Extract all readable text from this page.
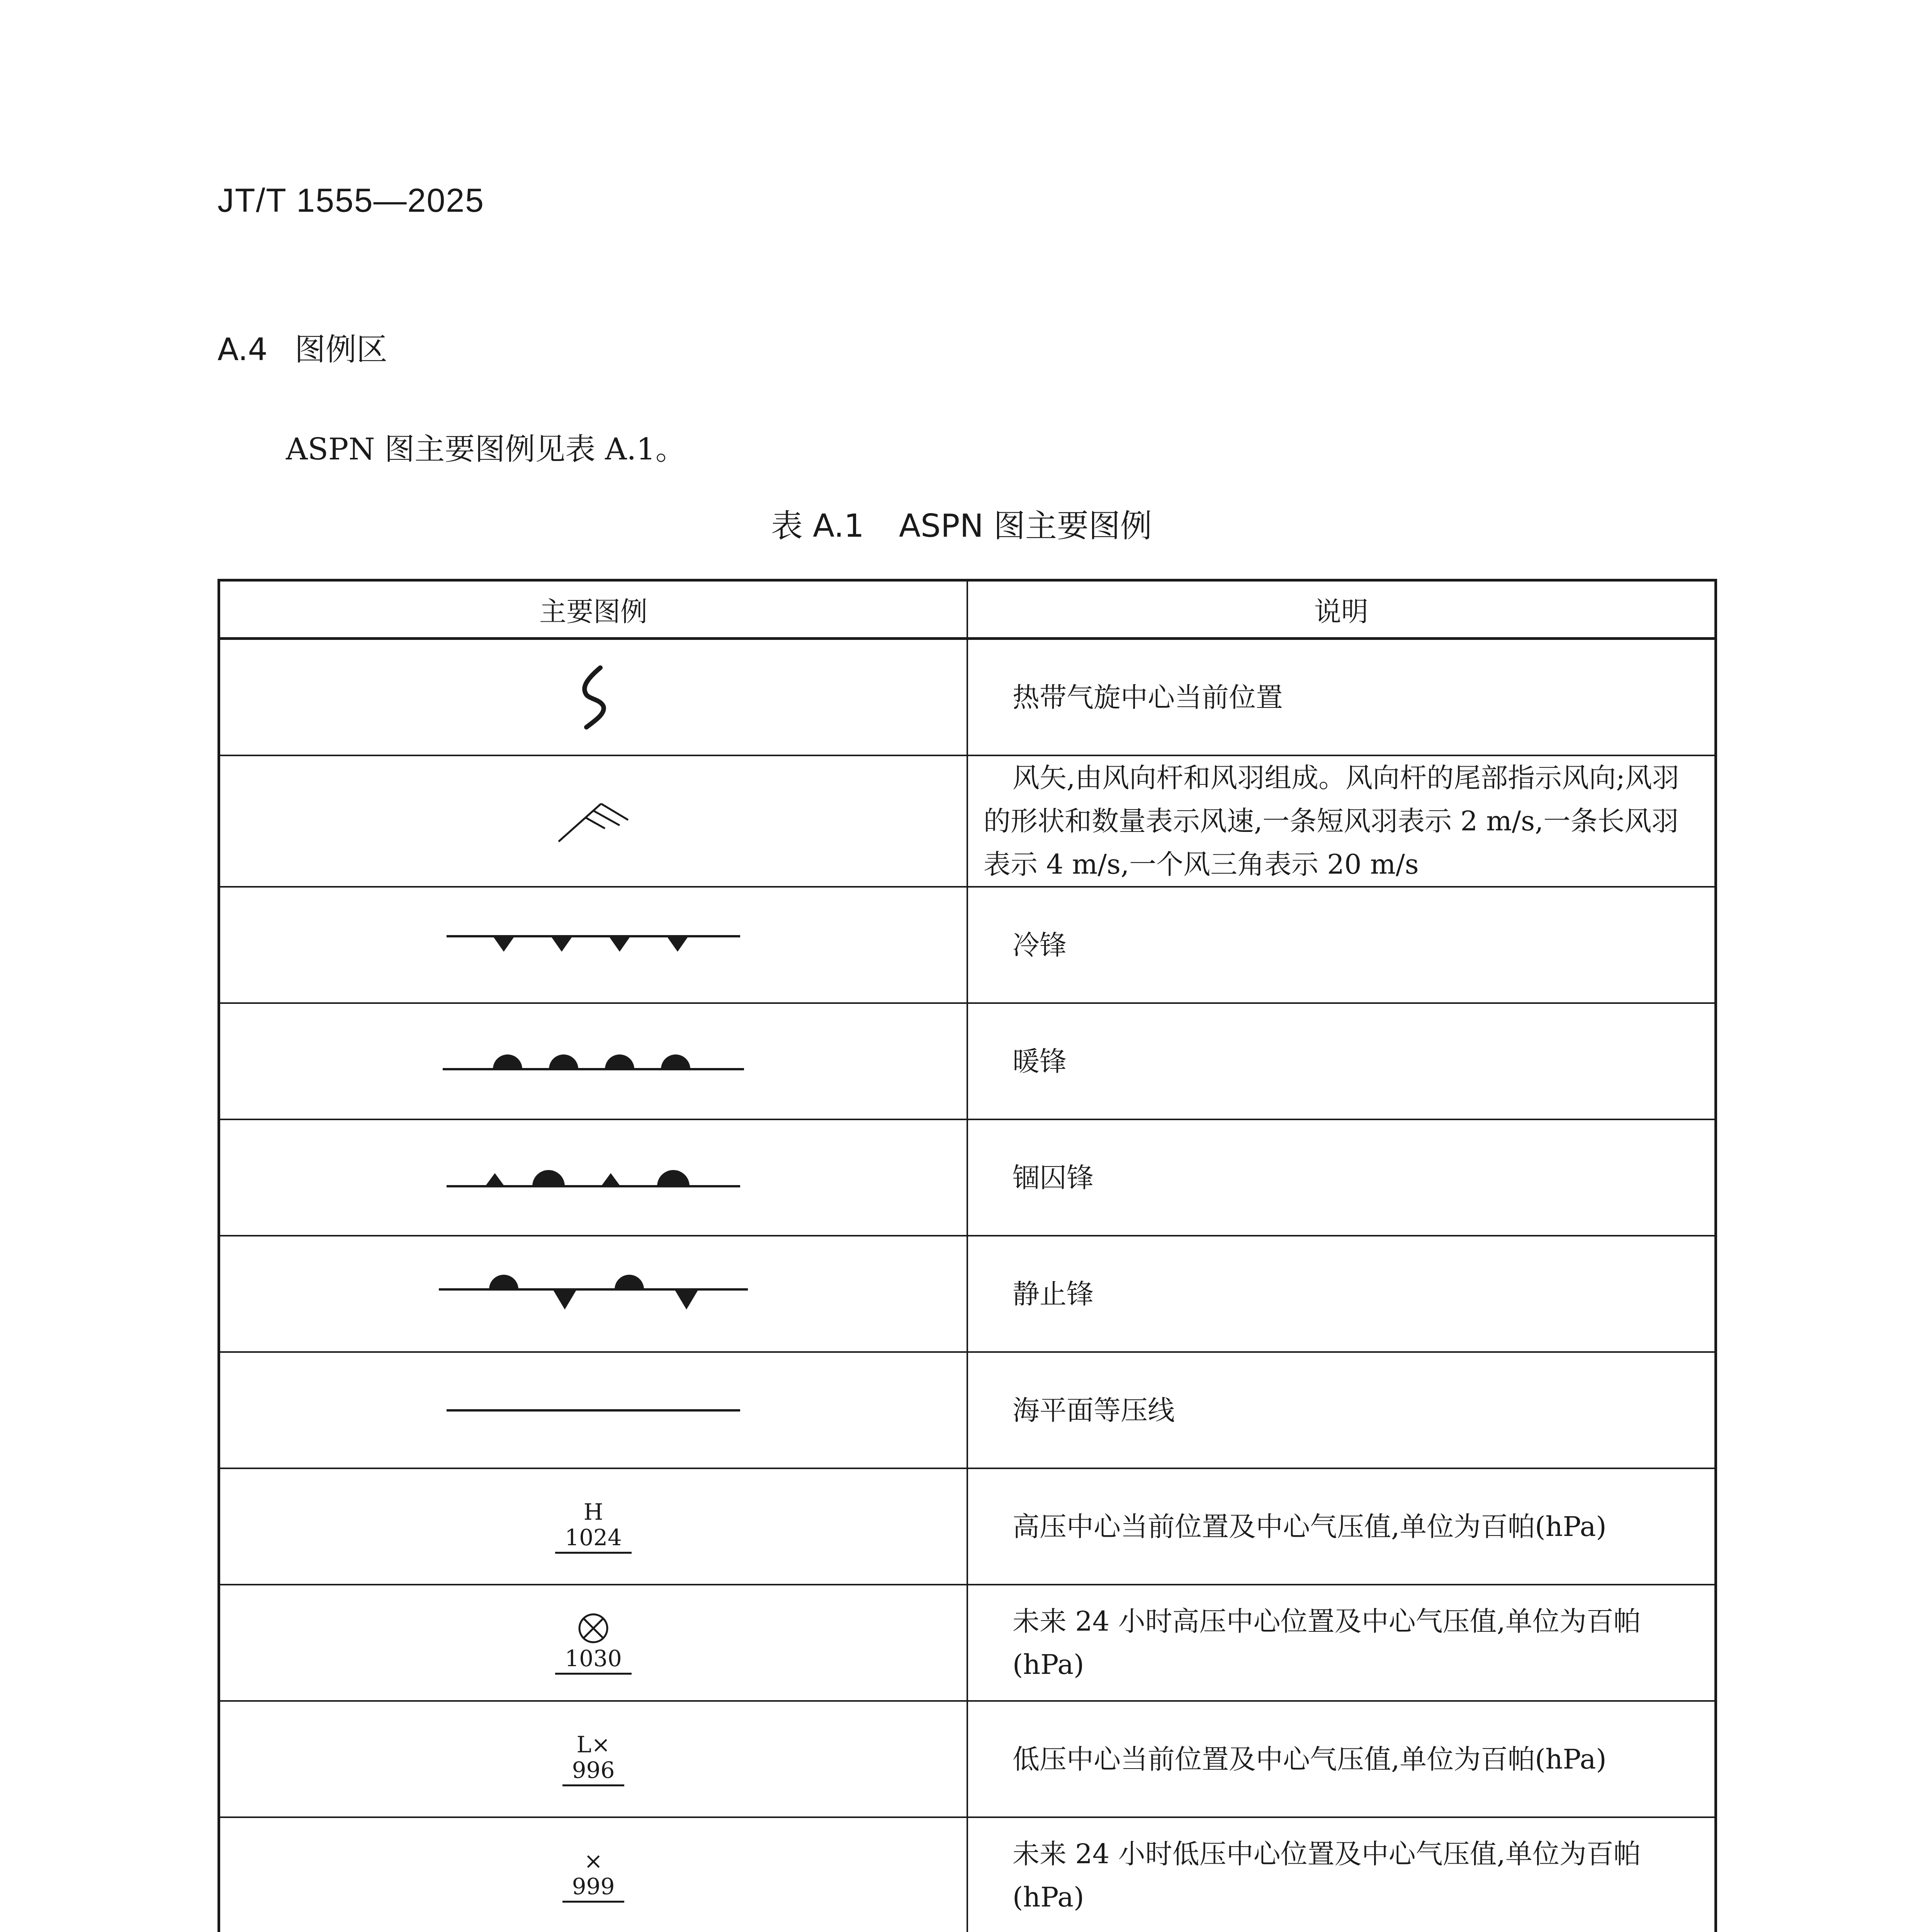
JT/T 1555—2025
A.4 图例区
ASPN 图主要图例见表 A.1。
表 A.1 ASPN 图主要图例
主要图例	说明

	热带气旋中心当前位置

	风矢,由风向杆和风羽组成。风向杆的尾部指示风向;风羽的形状和数量表示风速,一条短风羽表示 2 m/s,一条长风羽表示 4 m/s,一个风三角表示 20 m/s

	冷锋

	暖锋

	锢囚锋

	静止锋

	海平面等压线

H
1024	高压中心当前位置及中心气压值,单位为百帕(hPa)

1030	未来 24 小时高压中心位置及中心气压值,单位为百帕(hPa)

L×
996	低压中心当前位置及中心气压值,单位为百帕(hPa)

×
999	未来 24 小时低压中心位置及中心气压值,单位为百帕(hPa)
